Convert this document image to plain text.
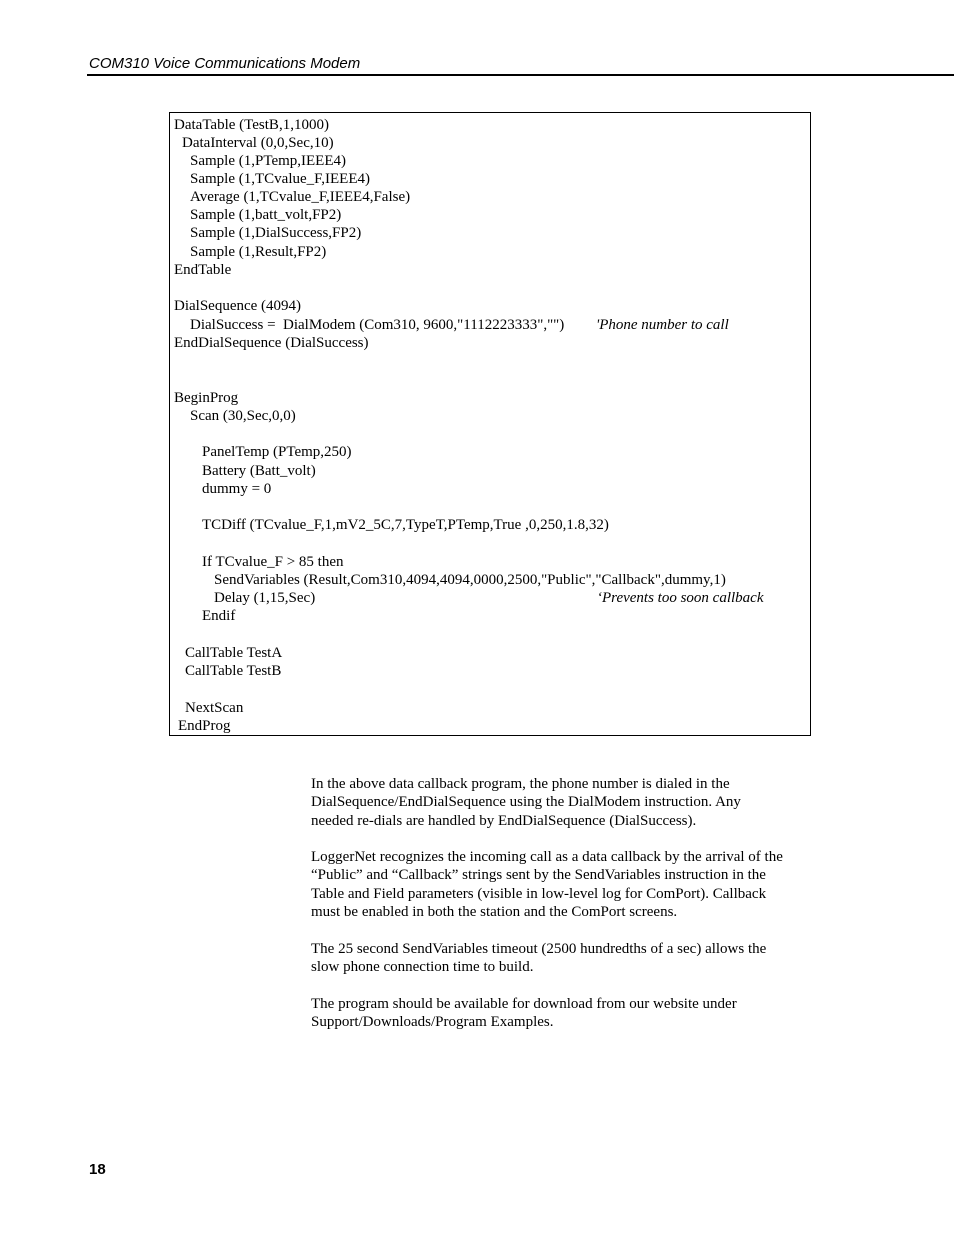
COM310 Voice Communications Modem
DataTable (TestB,1,1000)
DataInterval (0,0,Sec,10)
Sample (1,PTemp,IEEE4)
Sample (1,TCvalue_F,IEEE4)
Average (1,TCvalue_F,IEEE4,False)
Sample (1,batt_volt,FP2)
Sample (1,DialSuccess,FP2)
Sample (1,Result,FP2)
EndTable
DialSequence (4094)
DialSuccess =  DialModem (Com310, 9600,"1112223333","") 'Phone number to call
EndDialSequence (DialSuccess)
BeginProg
Scan (30,Sec,0,0)
PanelTemp (PTemp,250)
Battery (Batt_volt)
dummy = 0
TCDiff (TCvalue_F,1,mV2_5C,7,TypeT,PTemp,True ,0,250,1.8,32)
If TCvalue_F > 85 then
SendVariables (Result,Com310,4094,4094,0000,2500,"Public","Callback",dummy,1)
Delay (1,15,Sec)	‘Prevents too soon callback
Endif
CallTable TestA
CallTable TestB
NextScan
EndProg

In the above data callback program, the phone number is dialed in the
DialSequence/EndDialSequence using the DialModem instruction. Any
needed re-dials are handled by EndDialSequence (DialSuccess).

LoggerNet recognizes the incoming call as a data callback by the arrival of the
“Public” and “Callback” strings sent by the SendVariables instruction in the
Table and Field parameters (visible in low-level log for ComPort). Callback
must be enabled in both the station and the ComPort screens.

The 25 second SendVariables timeout (2500 hundredths of a sec) allows the
slow phone connection time to build.

The program should be available for download from our website under
Support/Downloads/Program Examples.

18
